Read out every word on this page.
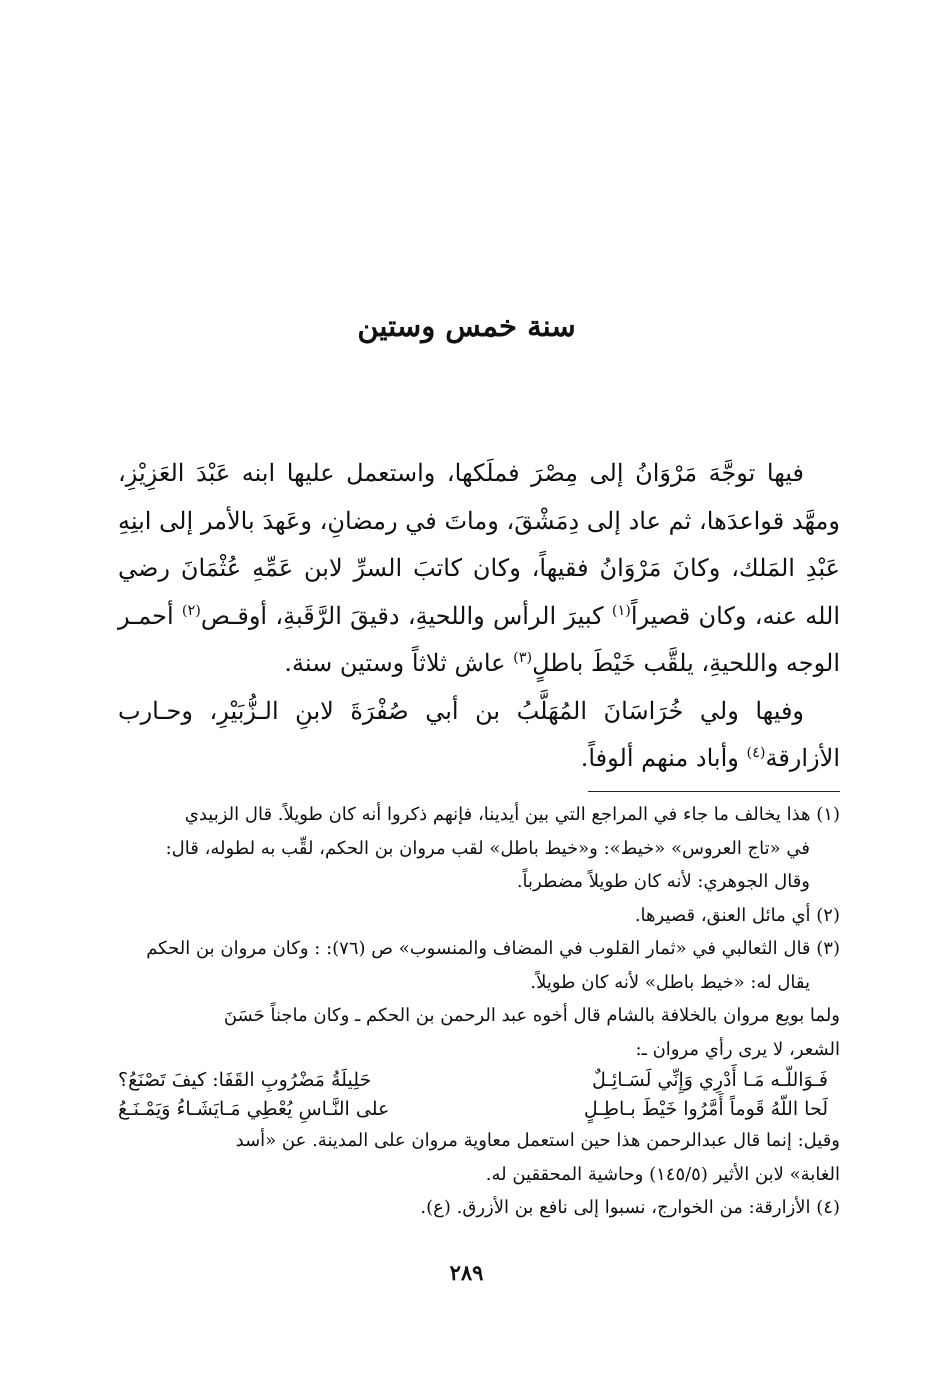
سنة خمس وستين

فيها توجَّهَ مَرْوَانُ إلى مِصْرَ فملَكها، واستعمل عليها ابنه عَبْدَ العَزِيْزِ، ومهَّد قواعدَها، ثم عاد إلى دِمَشْقَ، وماتَ في رمضانِ، وعَهدَ بالأمر إلى ابنِهِ عَبْدِ المَلك، وكانَ مَرْوَانُ فقيهاً، وكان كاتبَ السرِّ لابن عَمِّهِ عُثْمَانَ رضي الله عنه، وكان قصيراً$^{(١)}$ كبيرَ الرأس واللحيةِ، دقيقَ الرَّقَبةِ، أوقـص$^{(٢)}$ أحمـر الوجه واللحيةِ، يلقَّب خَيْطَ باطلٍ$^{(٣)}$ عاش ثلاثاً وستين سنة.

وفيها ولي خُرَاسَانَ المُهَلَّبُ بن أبي صُفْرَةَ لابنِ الـزُّبَيْرِ، وحـارب الأزارقة$^{(٤)}$ وأباد منهم ألوفاً.

(١) هذا يخالف ما جاء في المراجع التي بين أيدينا، فإنهم ذكروا أنه كان طويلاً. قال الزبيدي

في «تاج العروس» «خيط»: و«خيط باطل» لقب مروان بن الحكم، لقِّب به لطوله، قال:

وقال الجوهري: لأنه كان طويلاً مضطرباً.

(٢) أي مائل العنق، قصيرها.

(٣) قال الثعالبي في «ثمار القلوب في المضاف والمنسوب» ص (٧٦): : وكان مروان بن الحكم

يقال له: «خيط باطل» لأنه كان طويلاً.

ولما بويع مروان بالخلافة بالشام قال أخوه عبد الرحمن بن الحكم ـ وكان ماجناً حَسَنَ

الشعر، لا يرى رأي مروان ـ:

فَـوَاللّـه مَـا أَدْرِي وَإِنِّي لَسَـائِـلٌ
حَلِيلَةُ مَضْرُوبِ القَفَا: كيفَ تَصْنَعُ؟
لَحا اللّهُ قَوماً أَمَّرُوا خَيْطَ بـاطِـلٍ
على النَّـاسِ يُعْطِي مَـايَشَـاءُ وَيَمْـنَـعُ

وقيل: إنما قال عبدالرحمن هذا حين استعمل معاوية مروان على المدينة. عن «أسد

الغابة» لابن الأثير (١٤٥/٥) وحاشية المحققين له.

(٤) الأزارقة: من الخوارج، نسبوا إلى نافع بن الأزرق. (ع).

٢٨٩
